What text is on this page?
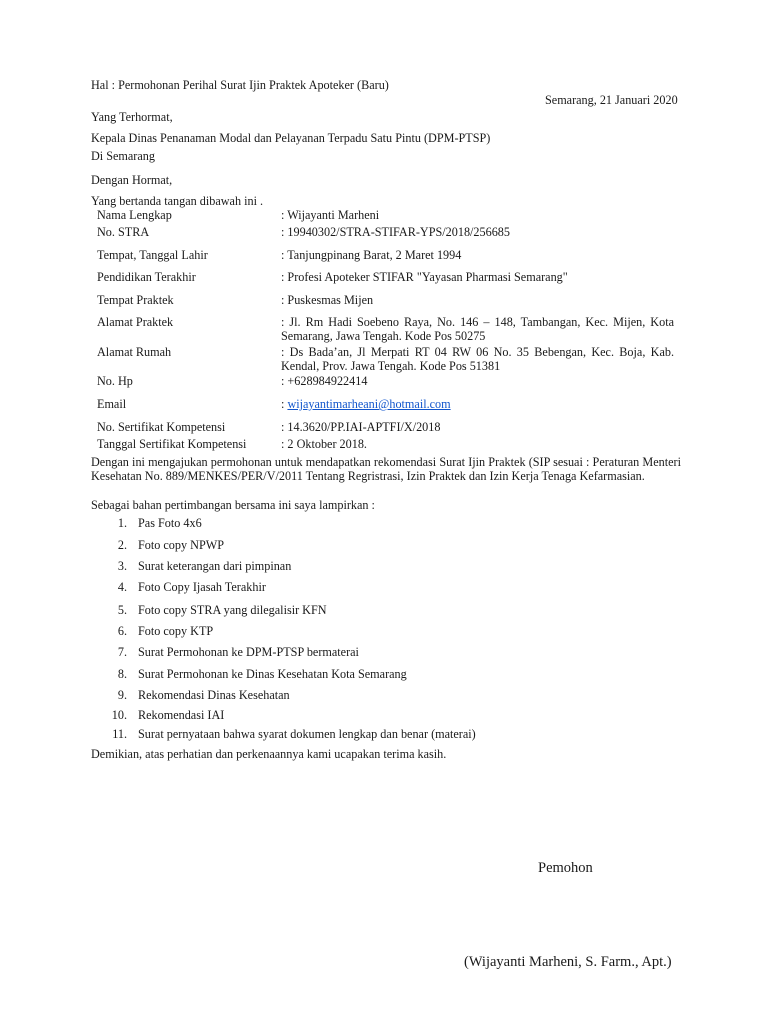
Hal : Permohonan Perihal Surat Ijin Praktek Apoteker (Baru)
Semarang, 21 Januari 2020
Yang Terhormat,
Kepala Dinas Penanaman Modal dan Pelayanan Terpadu Satu Pintu (DPM-PTSP)
Di Semarang
Dengan Hormat,
Yang bertanda tangan dibawah ini .
Nama Lengkap	: Wijayanti Marheni
No. STRA	: 19940302/STRA-STIFAR-YPS/2018/256685
Tempat, Tanggal Lahir	: Tanjungpinang Barat, 2 Maret 1994
Pendidikan Terakhir	: Profesi Apoteker STIFAR "Yayasan Pharmasi Semarang"
Tempat Praktek	: Puskesmas Mijen
Alamat Praktek	: Jl. Rm Hadi Soebeno Raya, No. 146 – 148, Tambangan, Kec. Mijen, Kota Semarang, Jawa Tengah. Kode Pos 50275
Alamat Rumah	: Ds Bada’an, Jl Merpati RT 04 RW 06 No. 35 Bebengan, Kec. Boja, Kab. Kendal, Prov. Jawa Tengah. Kode Pos 51381
No. Hp	: +628984922414
Email	: wijayantimarheani@hotmail.com
No. Sertifikat Kompetensi	: 14.3620/PP.IAI-APTFI/X/2018
Tanggal Sertifikat Kompetensi	: 2 Oktober 2018.
Dengan ini mengajukan permohonan untuk mendapatkan rekomendasi Surat Ijin Praktek (SIP sesuai : Peraturan Menteri Kesehatan No. 889/MENKES/PER/V/2011 Tentang Regristrasi, Izin Praktek dan Izin Kerja Tenaga Kefarmasian.
Sebagai bahan pertimbangan bersama ini saya lampirkan :
1. Pas Foto 4x6
2. Foto copy NPWP
3. Surat keterangan dari pimpinan
4. Foto Copy Ijasah Terakhir
5. Foto copy STRA yang dilegalisir KFN
6. Foto copy KTP
7. Surat Permohonan ke DPM-PTSP bermaterai
8. Surat Permohonan ke Dinas Kesehatan Kota Semarang
9. Rekomendasi Dinas Kesehatan
10. Rekomendasi IAI
11. Surat pernyataan bahwa syarat dokumen lengkap dan benar (materai)
Demikian, atas perhatian dan perkenaannya kami ucapakan terima kasih.
Pemohon
(Wijayanti Marheni, S. Farm., Apt.)
